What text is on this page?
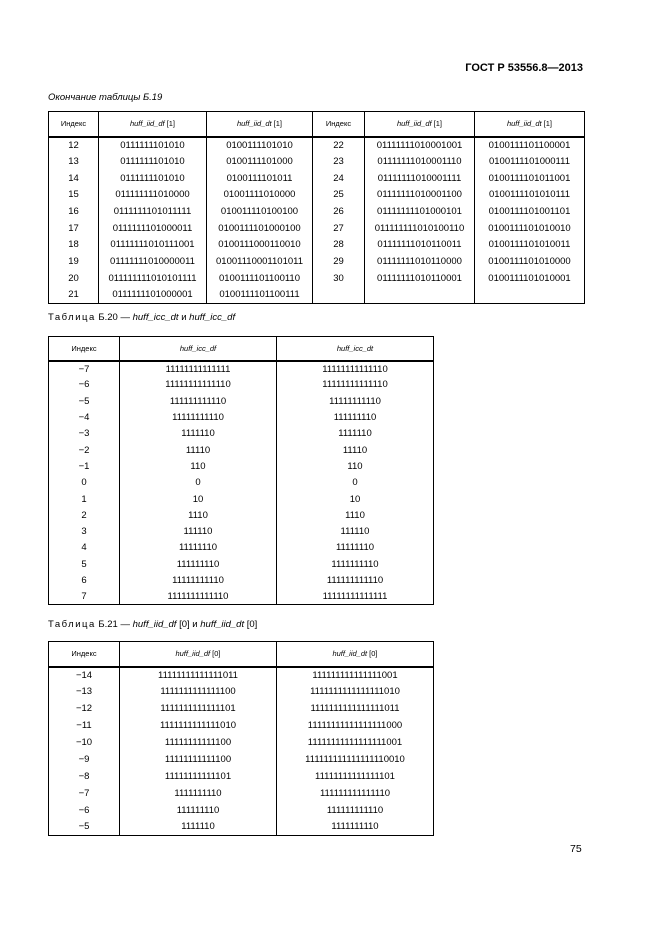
ГОСТ Р 53556.8—2013
Окончание таблицы Б.19
Индекс	huff_iid_df [1]	huff_iid_dt [1]	Индекс	huff_iid_df [1]	huff_iid_dt [1]
12	0111111101010	0100111101010	22	01111111010001001	0100111101100001
13	0111111101010	0100111101000	23	01111111010001110	0100111101000111
14	0111111101010	0100111101011	24	01111111010001111	0100111101011001
15	011111111010000	01001111010000	25	01111111010001100	0100111101010111
16	0111111101011111	010011110100100	26	01111111101000101	0100111101001101
17	0111111101000011	0100111101000100	27	011111111010100110	0100111101010010
18	01111111010111001	0100111000110010	28	01111111010110011	0100111101010011
19	01111111010000011	01001110001101011	29	01111111010110000	0100111101010000
20	011111111010101111	0100111101100110	30	01111111010110001	0100111101010001
21	0111111101000001	0100111101100111			
Таблица Б.20 — huff_icc_dt и huff_icc_df
Индекс	huff_icc_df	huff_icc_dt
−7	11111111111111	11111111111110
−6	11111111111110	11111111111110
−5	111111111110	11111111110
−4	11111111110	111111110
−3	1111110	1111110
−2	11110	11110
−1	110	110
0	0	0
1	10	10
2	1110	1110
3	111110	111110
4	11111110	11111110
5	111111110	1111111110
6	11111111110	111111111110
7	1111111111110	11111111111111
Таблица Б.21 — huff_iid_df [0] и huff_iid_dt [0]
Индекс	huff_iid_df [0]	huff_iid_dt [0]
−14	11111111111111011	111111111111111001
−13	1111111111111100	1111111111111111010
−12	1111111111111101	1111111111111111011
−11	1111111111111010	11111111111111111000
−10	11111111111100	11111111111111111001
−9	11111111111100	111111111111111110010
−8	11111111111101	11111111111111101
−7	1111111110	111111111111110
−6	111111110	111111111110
−5	1111110	1111111110
75
